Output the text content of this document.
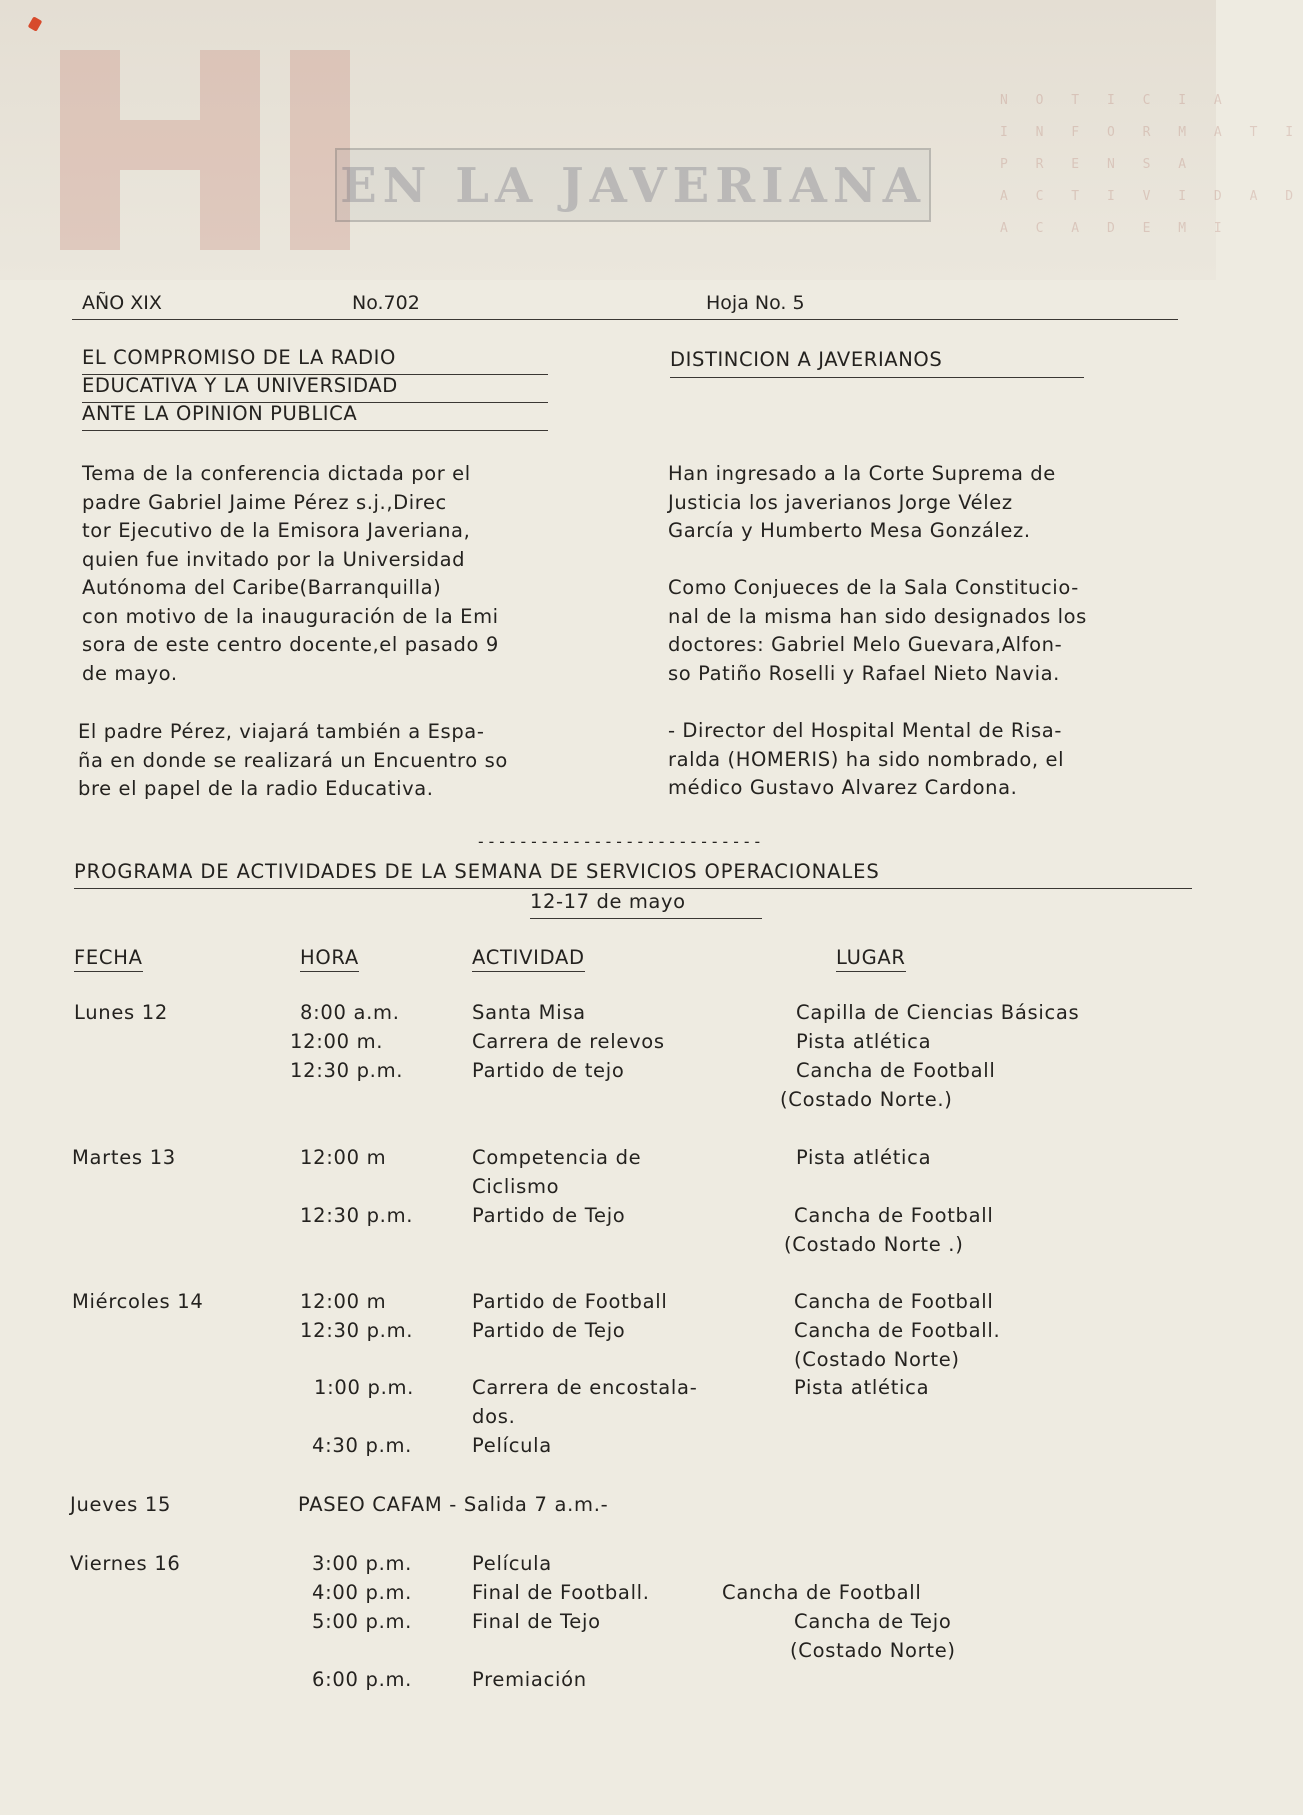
EN LA JAVERIANA
N O T I C I A
I N F O R M A T I
P R E N S A
A C T I V I D A D
A C A D E M I
AÑO XIX	No.702	Hoja No. 5
EL COMPROMISO DE LA RADIO
EDUCATIVA Y LA UNIVERSIDAD
ANTE LA OPINION PUBLICA
Tema de la conferencia dictada por el
padre Gabriel Jaime Pérez s.j.,Direc
tor Ejecutivo de la Emisora Javeriana,
quien fue invitado por la Universidad
Autónoma del Caribe(Barranquilla)
con motivo de la inauguración de la Emi
sora de este centro docente,el pasado 9
de mayo.
El padre Pérez, viajará también a Espa-
ña en donde se realizará un Encuentro so
bre el papel de la radio Educativa.
DISTINCION A JAVERIANOS
Han ingresado a la Corte Suprema de
Justicia los javerianos Jorge Vélez
García y Humberto Mesa González.
Como Conjueces de la Sala Constitucio-
nal de la misma han sido designados los
doctores: Gabriel Melo Guevara,Alfon-
so Patiño Roselli y Rafael Nieto Navia.
- Director del Hospital Mental de Risa-
ralda (HOMERIS) ha sido nombrado, el
médico Gustavo Alvarez Cardona.
---------------------------
PROGRAMA DE ACTIVIDADES DE LA SEMANA DE SERVICIOS OPERACIONALES
12-17 de mayo
FECHA	HORA	ACTIVIDAD	LUGAR
Lunes 12	8:00 a.m.	Santa Misa	Capilla de Ciencias Básicas
12:00 m.	Carrera de relevos	Pista atlética
12:30 p.m.	Partido de tejo	Cancha de Football
(Costado Norte.)
Martes 13	12:00 m	Competencia de	Pista atlética
Ciclismo
12:30 p.m.	Partido de Tejo	Cancha de Football
(Costado Norte .)
Miércoles 14	12:00 m	Partido de Football	Cancha de Football
12:30 p.m.	Partido de Tejo	Cancha de Football.
(Costado Norte)
1:00 p.m.	Carrera de encostala-	Pista atlética
dos.
4:30 p.m.	Película
Jueves 15	PASEO CAFAM - Salida 7 a.m.-
Viernes 16	3:00 p.m.	Película
4:00 p.m.	Final de Football.	Cancha de Football
5:00 p.m.	Final de Tejo	Cancha de Tejo
(Costado Norte)
6:00 p.m.	Premiación
